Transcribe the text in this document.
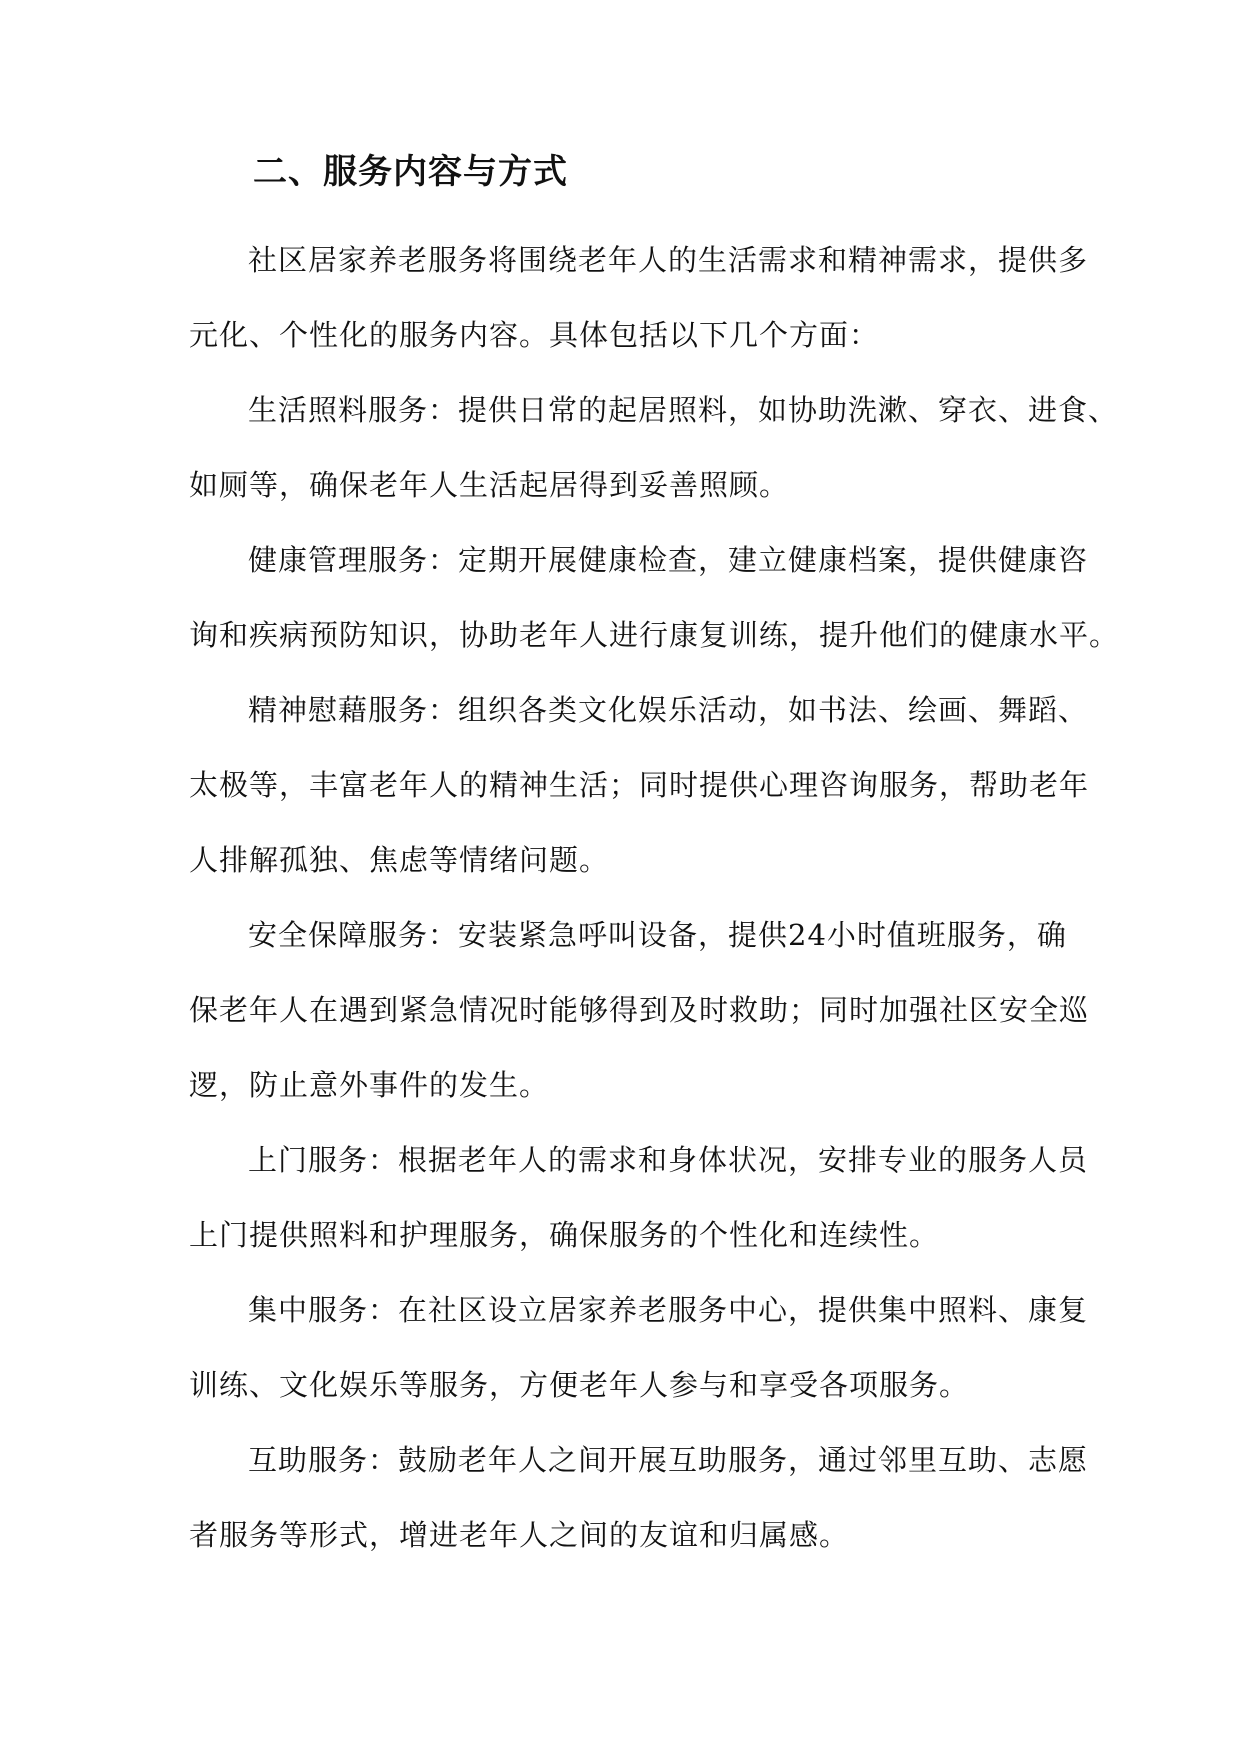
二、服务内容与方式
社区居家养老服务将围绕老年人的生活需求和精神需求，提供多
元化、个性化的服务内容。具体包括以下几个方面：
生活照料服务：提供日常的起居照料，如协助洗漱、穿衣、进食、
如厕等，确保老年人生活起居得到妥善照顾。
健康管理服务：定期开展健康检查，建立健康档案，提供健康咨
询和疾病预防知识，协助老年人进行康复训练，提升他们的健康水平。
精神慰藉服务：组织各类文化娱乐活动，如书法、绘画、舞蹈、
太极等，丰富老年人的精神生活；同时提供心理咨询服务，帮助老年
人排解孤独、焦虑等情绪问题。
安全保障服务：安装紧急呼叫设备，提供24小时值班服务，确
保老年人在遇到紧急情况时能够得到及时救助；同时加强社区安全巡
逻，防止意外事件的发生。
上门服务：根据老年人的需求和身体状况，安排专业的服务人员
上门提供照料和护理服务，确保服务的个性化和连续性。
集中服务：在社区设立居家养老服务中心，提供集中照料、康复
训练、文化娱乐等服务，方便老年人参与和享受各项服务。
互助服务：鼓励老年人之间开展互助服务，通过邻里互助、志愿
者服务等形式，增进老年人之间的友谊和归属感。
